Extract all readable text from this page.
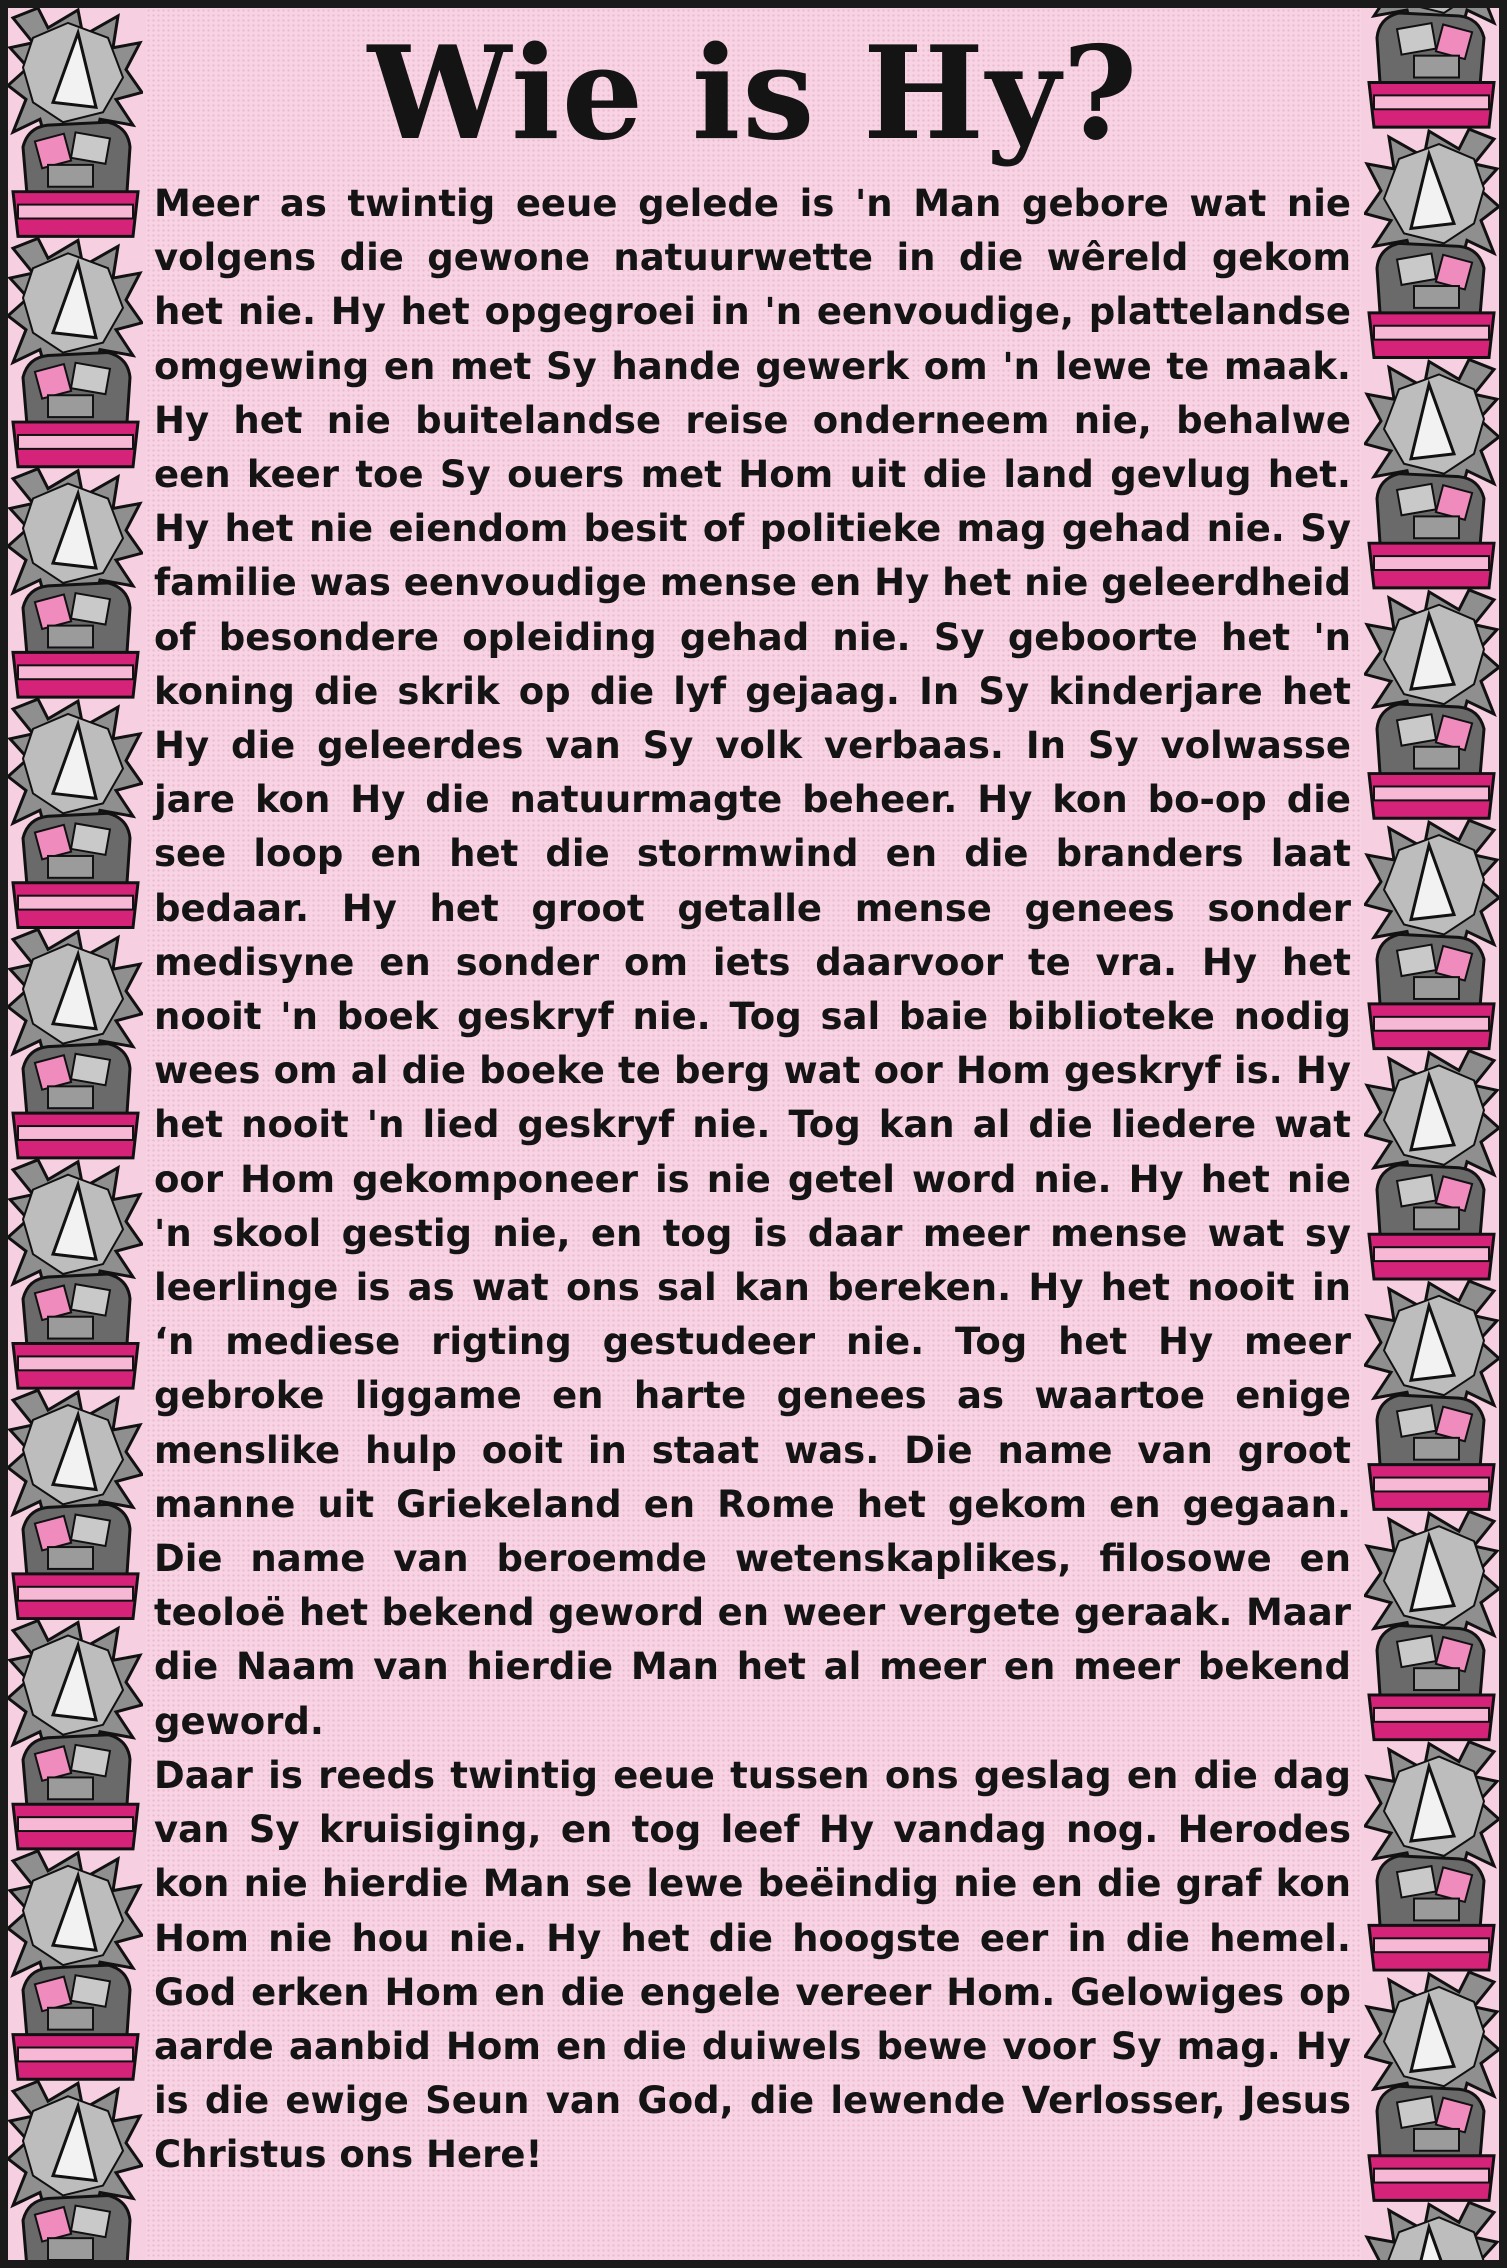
Wie is Hy?

Meer as twintig eeue gelede is 'n Man gebore wat nie volgens die gewone natuurwette in die wêreld gekom het nie. Hy het opgegroei in 'n eenvoudige, plattelandse omgewing en met Sy hande gewerk om 'n lewe te maak. Hy het nie buitelandse reise onderneem nie, behalwe een keer toe Sy ouers met Hom uit die land gevlug het. Hy het nie eiendom besit of politieke mag gehad nie. Sy familie was eenvoudige mense en Hy het nie geleerdheid of besondere opleiding gehad nie. Sy geboorte het 'n koning die skrik op die lyf gejaag. In Sy kinderjare het Hy die geleerdes van Sy volk verbaas. In Sy volwasse jare kon Hy die natuurmagte beheer. Hy kon bo-op die see loop en het die stormwind en die branders laat bedaar. Hy het groot getalle mense genees sonder medisyne en sonder om iets daarvoor te vra. Hy het nooit 'n boek geskryf nie. Tog sal baie biblioteke nodig wees om al die boeke te berg wat oor Hom geskryf is. Hy het nooit 'n lied geskryf nie. Tog kan al die liedere wat oor Hom gekomponeer is nie getel word nie. Hy het nie 'n skool gestig nie, en tog is daar meer mense wat sy leerlinge is as wat ons sal kan bereken. Hy het nooit in ‘n mediese rigting gestudeer nie. Tog het Hy meer gebroke liggame en harte genees as waartoe enige menslike hulp ooit in staat was. Die name van groot manne uit Griekeland en Rome het gekom en gegaan. Die name van beroemde wetenskaplikes, filosowe en teoloë het bekend geword en weer vergete geraak. Maar die Naam van hierdie Man het al meer en meer bekend geword.

Daar is reeds twintig eeue tussen ons geslag en die dag van Sy kruisiging, en tog leef Hy vandag nog. Herodes kon nie hierdie Man se lewe beëindig nie en die graf kon Hom nie hou nie. Hy het die hoogste eer in die hemel. God erken Hom en die engele vereer Hom. Gelowiges op aarde aanbid Hom en die duiwels bewe voor Sy mag. Hy is die ewige Seun van God, die lewende Verlosser, Jesus Christus ons Here!
